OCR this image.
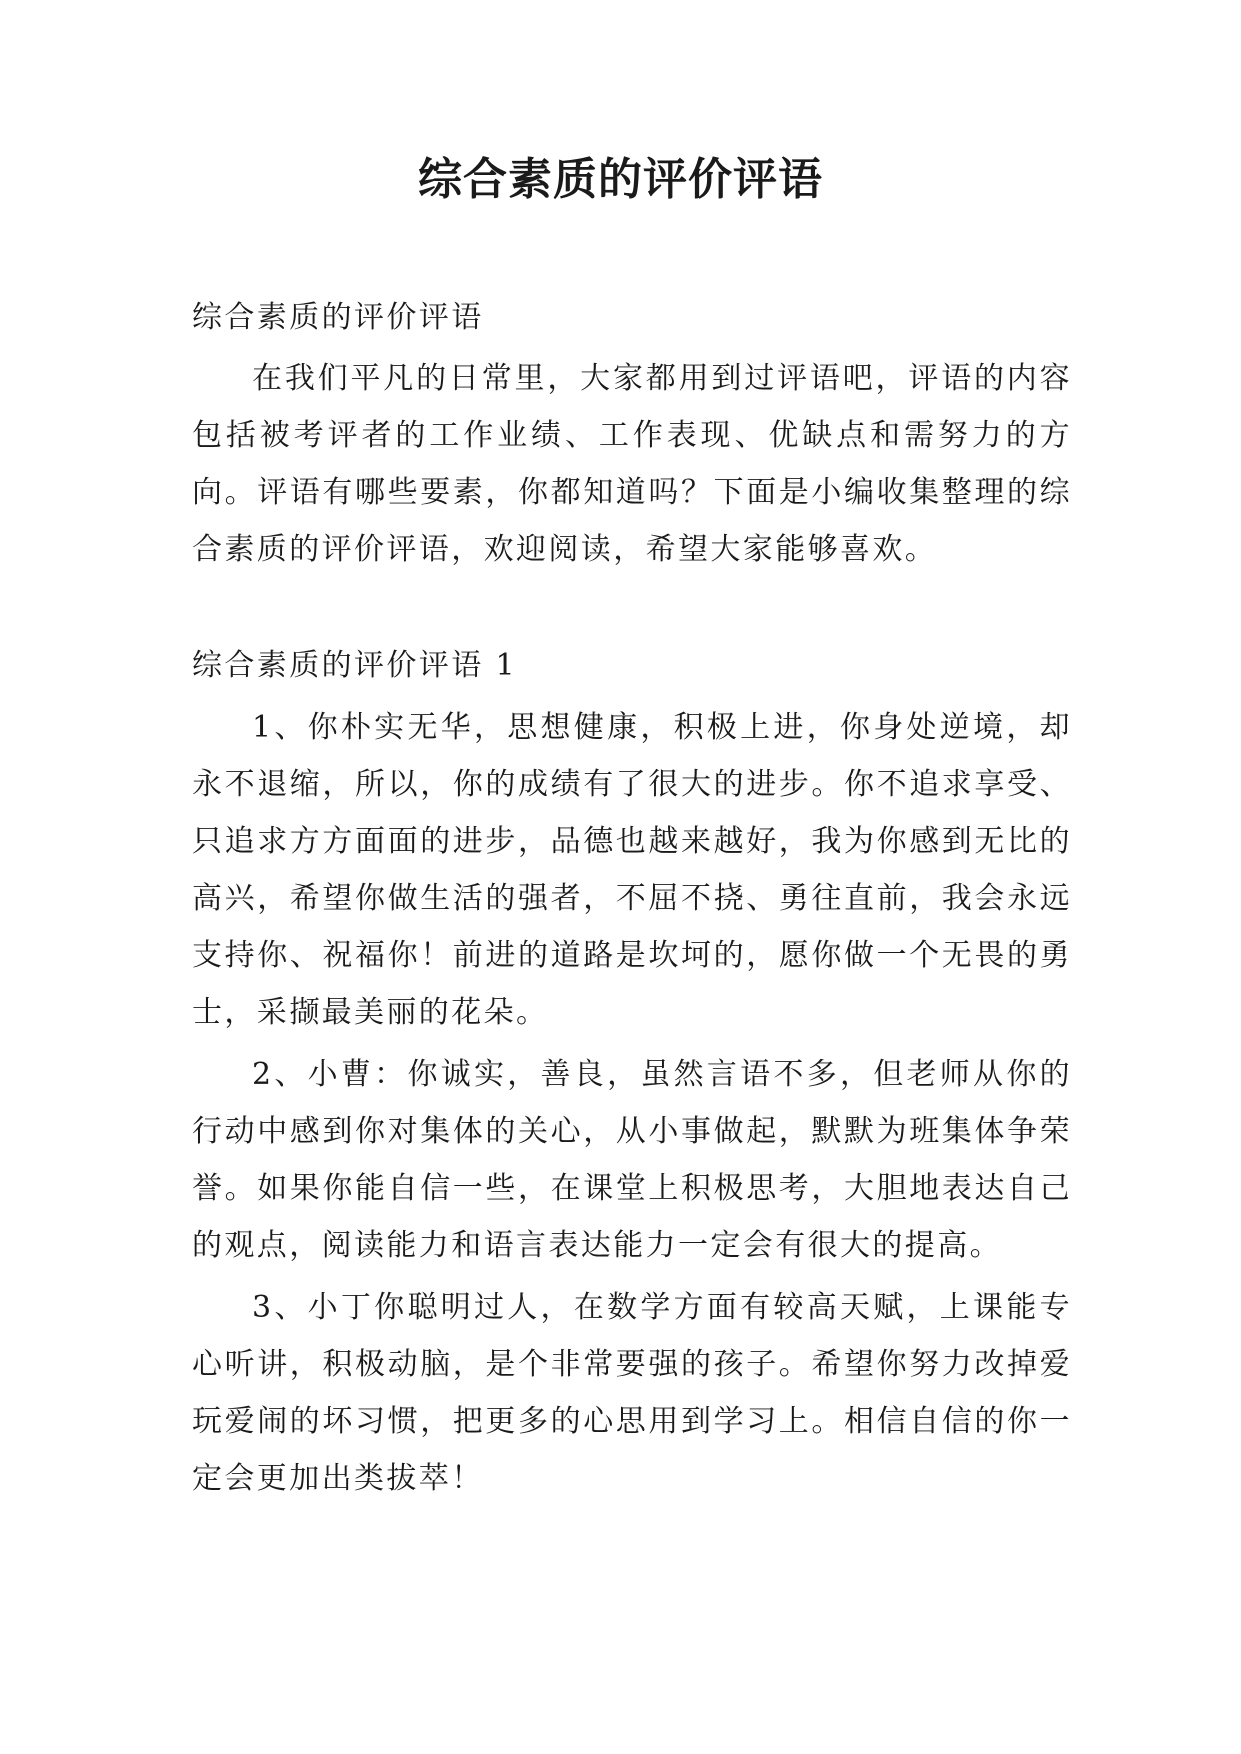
综合素质的评价评语
综合素质的评价评语

在我们平凡的日常里，大家都用到过评语吧，评语的内容包括被考评者的工作业绩、工作表现、优缺点和需努力的方向。评语有哪些要素，你都知道吗？下面是小编收集整理的综合素质的评价评语，欢迎阅读，希望大家能够喜欢。

综合素质的评价评语 1

1、你朴实无华，思想健康，积极上进，你身处逆境，却永不退缩，所以，你的成绩有了很大的进步。你不追求享受、只追求方方面面的进步，品德也越来越好，我为你感到无比的高兴，希望你做生活的强者，不屈不挠、勇往直前，我会永远支持你、祝福你！前进的道路是坎坷的，愿你做一个无畏的勇士，采撷最美丽的花朵。

2、小曹：你诚实，善良，虽然言语不多，但老师从你的行动中感到你对集体的关心，从小事做起，默默为班集体争荣誉。如果你能自信一些，在课堂上积极思考，大胆地表达自己的观点，阅读能力和语言表达能力一定会有很大的提高。

3、小丁你聪明过人，在数学方面有较高天赋，上课能专心听讲，积极动脑，是个非常要强的孩子。希望你努力改掉爱玩爱闹的坏习惯，把更多的心思用到学习上。相信自信的你一定会更加出类拔萃！
